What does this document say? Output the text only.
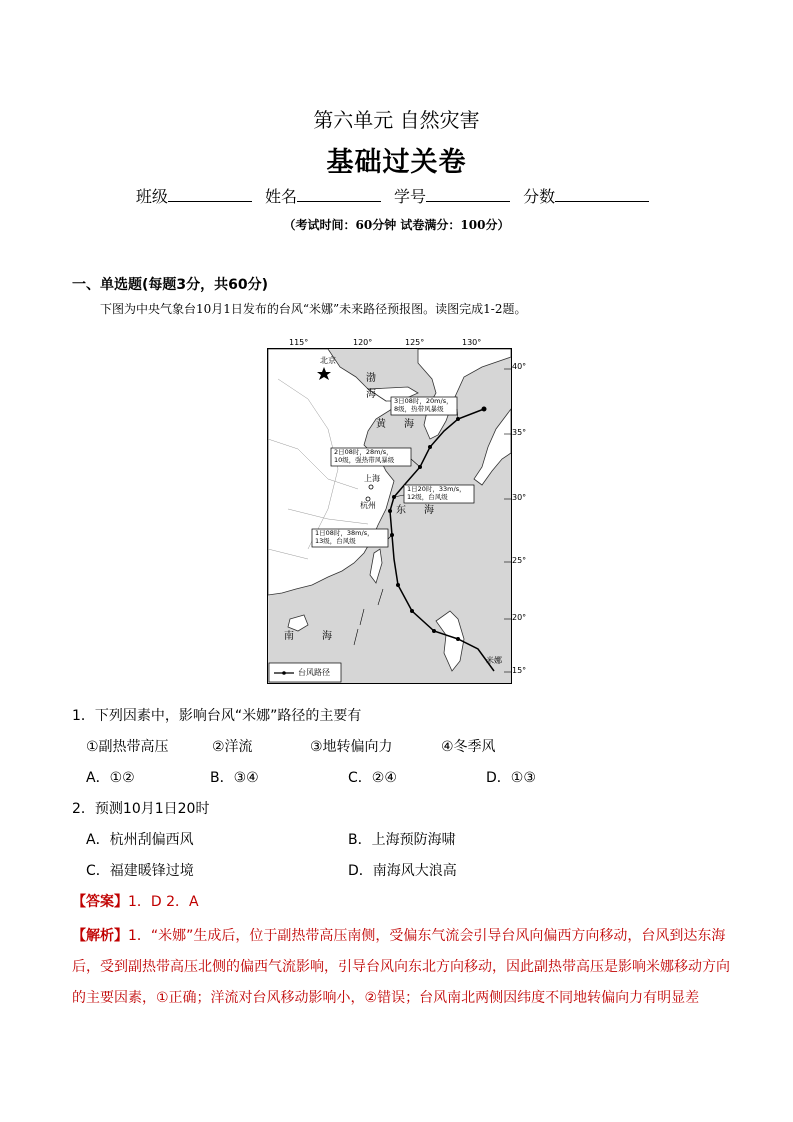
第六单元 自然灾害
基础过关卷
班级	姓名	学号	分数
（考试时间：60分钟 试卷满分：100分）
一、单选题(每题3分，共60分)
下图为中央气象台10月1日发布的台风“米娜”未来路径预报图。读图完成1-2题。
115°	120°	125°	130°
北京
渤
海
黄 海
上海
杭州 东 海
南	海
米娜
3日08时，20m/s，
8级，热带风暴级
2日08时，28m/s，
10级，强热带风暴级
1日20时，33m/s，
12级，台风级
1日08时，38m/s，
13级，台风级
台风路径
40°
35°
30°
25°
20°
15°
1．下列因素中，影响台风“米娜”路径的主要有
①副热带高压	②洋流	③地转偏向力	④冬季风
A．①②	B．③④	C．②④	D．①③
2．预测10月1日20时
A．杭州刮偏西风	B．上海预防海啸
C．福建暖锋过境	D．南海风大浪高
【答案】1．D 2．A
【解析】1．“米娜”生成后，位于副热带高压南侧，受偏东气流会引导台风向偏西方向移动，台风到达东海后，受到副热带高压北侧的偏西气流影响，引导台风向东北方向移动，因此副热带高压是影响米娜移动方向的主要因素，①正确；洋流对台风移动影响小，②错误；台风南北两侧因纬度不同地转偏向力有明显差
